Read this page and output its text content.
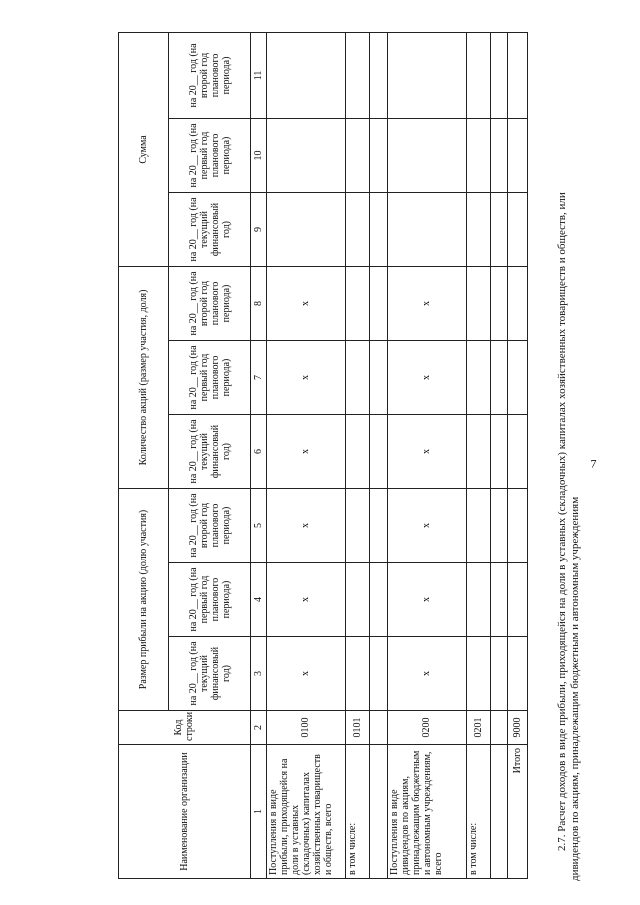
7
2.7. Расчет доходов в виде прибыли, приходящейся на доли в уставных (складочных) капиталах хозяйственных товариществ и обществ, или дивидендов по акциям, принадлежащим бюджетным и автономным учреждениям
Наименование организации	Код строки	Размер прибыли на акцию (долю участия)			Количество акций (размер участия, доля)			Сумма		
		на 20__ год (на текущий финансовый год)	на 20__ год (на первый год планового периода)	на 20__ год (на второй год планового периода)	на 20__ год (на текущий финансовый год)	на 20__ год (на первый год планового периода)	на 20__ год (на второй год планового периода)	на 20__ год (на текущий финансовый год)	на 20__ год (на первый год планового периода)	на 20__ год (на второй год планового периода)
1	2	3	4	5	6	7	8	9	10	11
Поступления в виде прибыли, приходящейся на доли в уставных (складочных) капиталах хозяйственных товариществ и обществ, всего	0100	x	x	x	x	x	x			
в том числе:	0101									

Поступления в виде дивидендов по акциям, принадлежащим бюджетным и автономным учреждениям, всего	0200	x	x	x	x	x	x			
в том числе:	0201									

Итого	9000									
